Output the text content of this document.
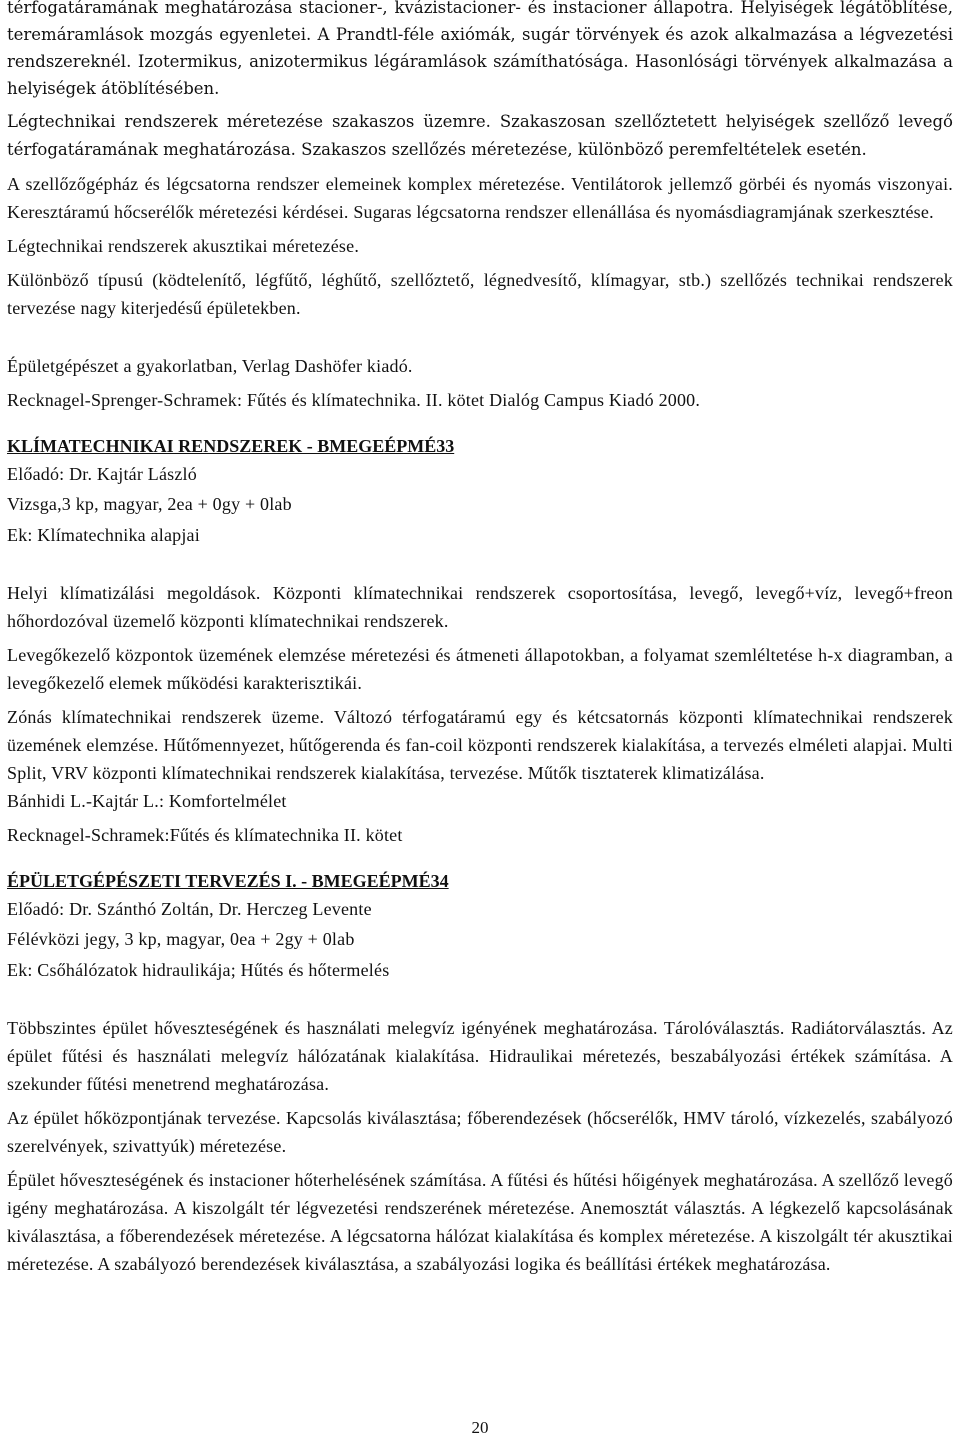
térfogatáramának meghatározása stacioner-, kvázistacioner- és instacioner állapotra. Helyiségek légátöblítése, teremáramlások mozgás egyenletei. A Prandtl-féle axiómák, sugár törvények és azok alkalmazása a légvezetési rendszereknél. Izotermikus, anizotermikus légáramlások számíthatósága. Hasonlósági törvények alkalmazása a helyiségek átöblítésében.

Légtechnikai rendszerek méretezése szakaszos üzemre. Szakaszosan szellőztetett helyiségek szellőző levegő térfogatáramának meghatározása. Szakaszos szellőzés méretezése, különböző peremfeltételek esetén.

A szellőzőgépház és légcsatorna rendszer elemeinek komplex méretezése. Ventilátorok jellemző görbéi és nyomás viszonyai. Keresztáramú hőcserélők méretezési kérdései. Sugaras légcsatorna rendszer ellenállása és nyomásdiagramjának szerkesztése.

Légtechnikai rendszerek akusztikai méretezése.

Különböző típusú (ködtelenítő, légfűtő, léghűtő, szellőztető, légnedvesítő, klímagyar, stb.) szellőzés technikai rendszerek tervezése nagy kiterjedésű épületekben.

Épületgépészet a gyakorlatban, Verlag Dashöfer kiadó.

Recknagel-Sprenger-Schramek: Fűtés és klímatechnika. II. kötet Dialóg Campus Kiadó 2000.

KLÍMATECHNIKAI RENDSZEREK - BMEGEÉPMÉ33

Előadó: Dr. Kajtár László

Vizsga,3 kp, magyar, 2ea + 0gy + 0lab

Ek: Klímatechnika alapjai

Helyi klímatizálási megoldások. Központi klímatechnikai rendszerek csoportosítása, levegő, levegő+víz, levegő+freon hőhordozóval üzemelő központi klímatechnikai rendszerek.

Levegőkezelő központok üzemének elemzése méretezési és átmeneti állapotokban, a folyamat szemléltetése h-x diagramban, a levegőkezelő elemek működési karakterisztikái.

Zónás klímatechnikai rendszerek üzeme. Változó térfogatáramú egy és kétcsatornás központi klímatechnikai rendszerek üzemének elemzése. Hűtőmennyezet, hűtőgerenda és fan-coil központi rendszerek kialakítása, a tervezés elméleti alapjai. Multi Split, VRV központi klímatechnikai rendszerek kialakítása, tervezése. Műtők tisztaterek klimatizálása.

Bánhidi L.-Kajtár L.: Komfortelmélet

Recknagel-Schramek:Fűtés és klímatechnika II. kötet

ÉPÜLETGÉPÉSZETI TERVEZÉS I. - BMEGEÉPMÉ34

Előadó: Dr. Szánthó Zoltán, Dr. Herczeg Levente

Félévközi jegy, 3 kp, magyar, 0ea + 2gy + 0lab

Ek: Csőhálózatok hidraulikája; Hűtés és hőtermelés

Többszintes épület hőveszteségének és használati melegvíz igényének meghatározása. Tárolóválasztás. Radiátorválasztás. Az épület fűtési és használati melegvíz hálózatának kialakítása. Hidraulikai méretezés, beszabályozási értékek számítása. A szekunder fűtési menetrend meghatározása.

Az épület hőközpontjának tervezése. Kapcsolás kiválasztása; főberendezések (hőcserélők, HMV tároló, vízkezelés, szabályozó szerelvények, szivattyúk) méretezése.

Épület hőveszteségének és instacioner hőterhelésének számítása. A fűtési és hűtési hőigények meghatározása. A szellőző levegő igény meghatározása. A kiszolgált tér légvezetési rendszerének méretezése. Anemosztát választás. A légkezelő kapcsolásának kiválasztása, a főberendezések méretezése. A légcsatorna hálózat kialakítása és komplex méretezése. A kiszolgált tér akusztikai méretezése. A szabályozó berendezések kiválasztása, a szabályozási logika és beállítási értékek meghatározása.

20
